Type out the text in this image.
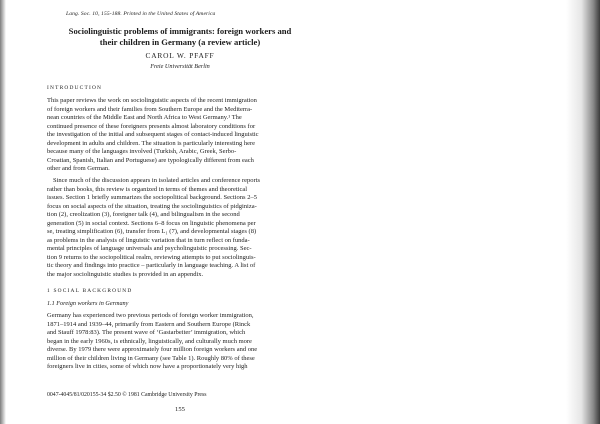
Lang. Soc. 10, 155-188. Printed in the United States of America
Sociolinguistic problems of immigrants: foreign workers and
their children in Germany (a review article)
CAROL W. PFAFF
Freie Universität Berlin
INTRODUCTION
This paper reviews the work on sociolinguistic aspects of the recent immigration
of foreign workers and their families from Southern Europe and the Mediterra-
nean countries of the Middle East and North Africa to West Germany.¹ The
continued presence of these foreigners presents almost laboratory conditions for
the investigation of the initial and subsequent stages of contact-induced linguistic
development in adults and children. The situation is particularly interesting here
because many of the languages involved (Turkish, Arabic, Greek, Serbo-
Croatian, Spanish, Italian and Portuguese) are typologically different from each
other and from German.
Since much of the discussion appears in isolated articles and conference reports
rather than books, this review is organized in terms of themes and theoretical
issues. Section 1 briefly summarizes the sociopolitical background. Sections 2–5
focus on social aspects of the situation, treating the sociolinguistics of pidginiza-
tion (2), creolization (3), foreigner talk (4), and bilingualism in the second
generation (5) in social context. Sections 6–8 focus on linguistic phenomena per
se, treating simplification (6), transfer from L₁ (7), and developmental stages (8)
as problems in the analysis of linguistic variation that in turn reflect on funda-
mental principles of language universals and psycholinguistic processing. Sec-
tion 9 returns to the sociopolitical realm, reviewing attempts to put sociolinguis-
tic theory and findings into practice – particularly in language teaching. A list of
the major sociolinguistic studies is provided in an appendix.
1 SOCIAL BACKGROUND
1.1 Foreign workers in Germany
Germany has experienced two previous periods of foreign worker immigration,
1871–1914 and 1939–44, primarily from Eastern and Southern Europe (Rinck
and Stauff 1978:83). The present wave of ‘Gastarbeiter’ immigration, which
began in the early 1960s, is ethnically, linguistically, and culturally much more
diverse. By 1979 there were approximately four million foreign workers and one
million of their children living in Germany (see Table 1). Roughly 80% of these
foreigners live in cities, some of which now have a proportionately very high
0047-4045/81/020155-34 $2.50 © 1981 Cambridge University Press
155
